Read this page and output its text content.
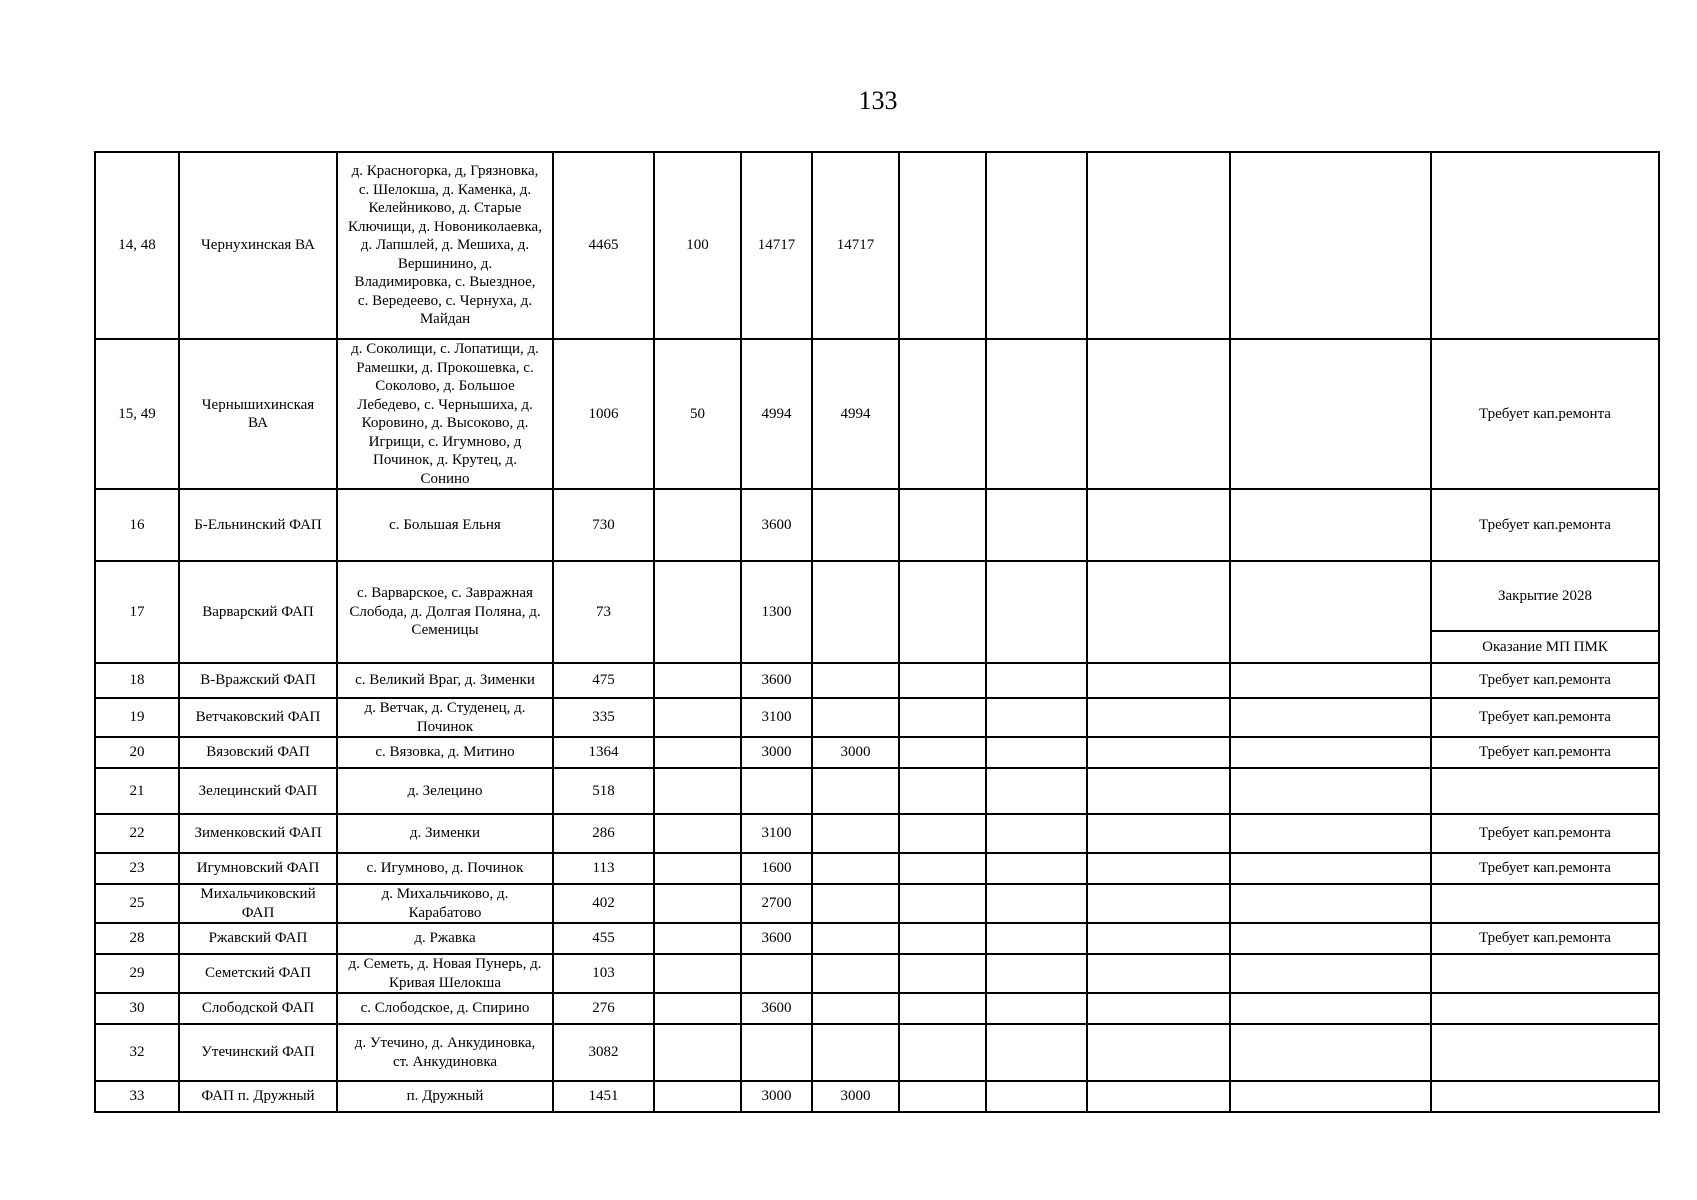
133
14, 48	Чернухинская ВА	д. Красногорка, д, Грязновка, с. Шелокша, д. Каменка, д. Келейниково, д. Старые Ключищи, д. Новониколаевка, д. Лапшлей, д. Мешиха, д. Вершинино, д. Владимировка, с. Выездное, с. Вередеево, с. Чернуха, д. Майдан	4465	100	14717	14717					
15, 49	Чернышихинская ВА	д. Соколищи, с. Лопатищи, д. Рамешки, д. Прокошевка, с. Соколово, д. Большое Лебедево, с. Чернышиха, д. Коровино, д. Высоково, д. Игрищи, с. Игумново, д Починок, д. Крутец, д. Сонино	1006	50	4994	4994					Требует кап.ремонта
16	Б-Ельнинский ФАП	с. Большая Ельня	730		3600						Требует кап.ремонта
17	Варварский ФАП	с. Варварское, с. Завражная Слобода, д. Долгая Поляна, д. Семеницы	73		1300						Закрытие 2028
											Оказание МП ПМК
18	В-Вражский ФАП	с. Великий Враг, д. Зименки	475		3600						Требует кап.ремонта
19	Ветчаковский ФАП	д. Ветчак, д. Студенец, д. Починок	335		3100						Требует кап.ремонта
20	Вязовский ФАП	с. Вязовка, д. Митино	1364		3000	3000					Требует кап.ремонта
21	Зелецинский ФАП	д. Зелецино	518								
22	Зименковский ФАП	д. Зименки	286		3100						Требует кап.ремонта
23	Игумновский ФАП	с. Игумново, д. Починок	113		1600						Требует кап.ремонта
25	Михальчиковский ФАП	д. Михальчиково, д. Карабатово	402		2700						
28	Ржавский ФАП	д. Ржавка	455		3600						Требует кап.ремонта
29	Семетский ФАП	д. Семеть, д. Новая Пунерь, д. Кривая Шелокша	103								
30	Слободской ФАП	с. Слободское, д. Спирино	276		3600						
32	Утечинский ФАП	д. Утечино, д. Анкудиновка, ст. Анкудиновка	3082								
33	ФАП п. Дружный	п. Дружный	1451		3000	3000					
